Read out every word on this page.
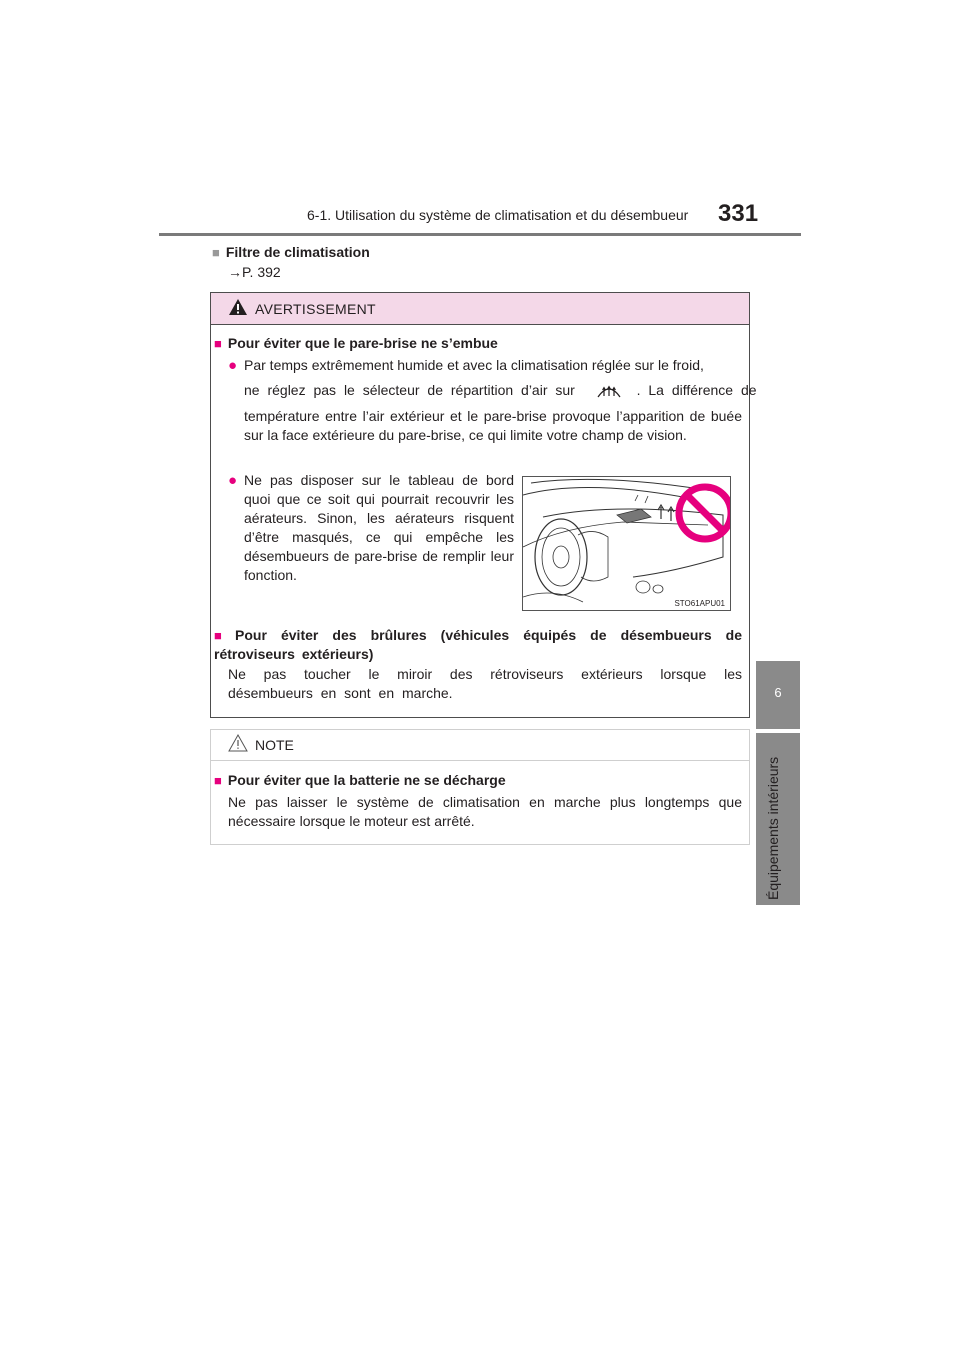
6-1. Utilisation du système de climatisation et du désembueur 331
6
Équipements intérieurs
■ Filtre de climatisation
→P. 392
AVERTISSEMENT
■ Pour éviter que le pare-brise ne s’embue
● Par temps extrêmement humide et avec la climatisation réglée sur le froid,
ne réglez pas le sélecteur de répartition d’air sur	. La différence de
température entre l’air extérieur et le pare-brise provoque l’apparition de buée sur la face extérieure du pare-brise, ce qui limite votre champ de vision.
● Ne pas disposer sur le tableau de bord quoi que ce soit qui pourrait recouvrir les aérateurs. Sinon, les aérateurs risquent d’être masqués, ce qui empêche les désembueurs de pare-brise de remplir leur fonction.
STO61APU01
■ Pour éviter des brûlures (véhicules équipés de désembueurs de rétroviseurs extérieurs)
Ne pas toucher le miroir des rétroviseurs extérieurs lorsque les désembueurs en sont en marche.
NOTE
■ Pour éviter que la batterie ne se décharge
Ne pas laisser le système de climatisation en marche plus longtemps que nécessaire lorsque le moteur est arrêté.
